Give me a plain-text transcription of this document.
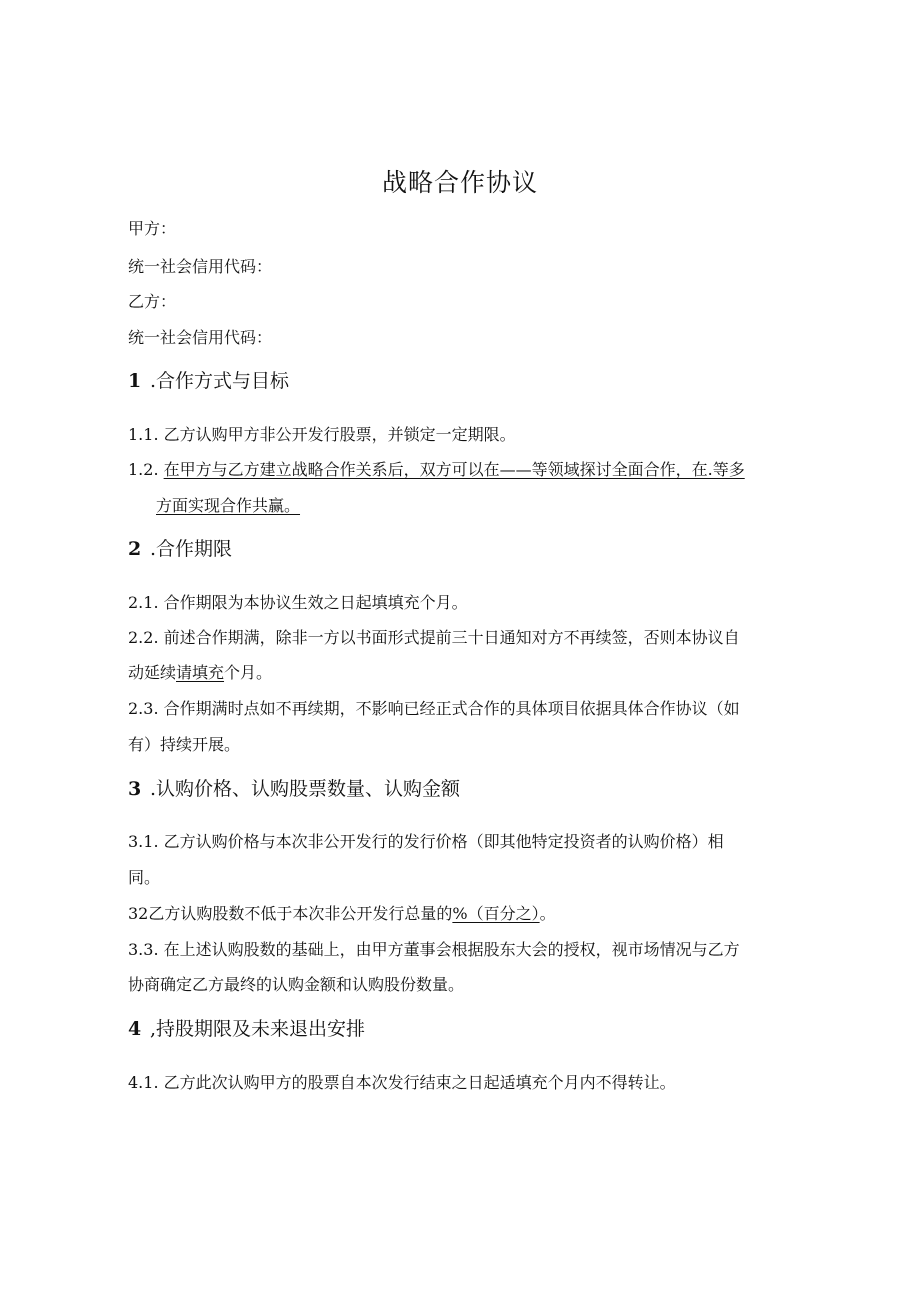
战略合作协议
甲方：
统一社会信用代码：
乙方：
统一社会信用代码：
1 .合作方式与目标
1.1. 乙方认购甲方非公开发行股票，并锁定一定期限。
1.2. 在甲方与乙方建立战略合作关系后，双方可以在——等领域探讨全面合作，在.等多
方面实现合作共赢。
2 .合作期限
2.1. 合作期限为本协议生效之日起填填充个月。
2.2. 前述合作期满，除非一方以书面形式提前三十日通知对方不再续签，否则本协议自
动延续请填充个月。
2.3. 合作期满时点如不再续期，不影响已经正式合作的具体项目依据具体合作协议（如
有）持续开展。
3 .认购价格、认购股票数量、认购金额
3.1. 乙方认购价格与本次非公开发行的发行价格（即其他特定投资者的认购价格）相
同。
32乙方认购股数不低于本次非公开发行总量的%（百分之）。
3.3. 在上述认购股数的基础上，由甲方董事会根据股东大会的授权，视市场情况与乙方
协商确定乙方最终的认购金额和认购股份数量。
4 ,持股期限及未来退出安排
4.1. 乙方此次认购甲方的股票自本次发行结束之日起适填充个月内不得转让。
